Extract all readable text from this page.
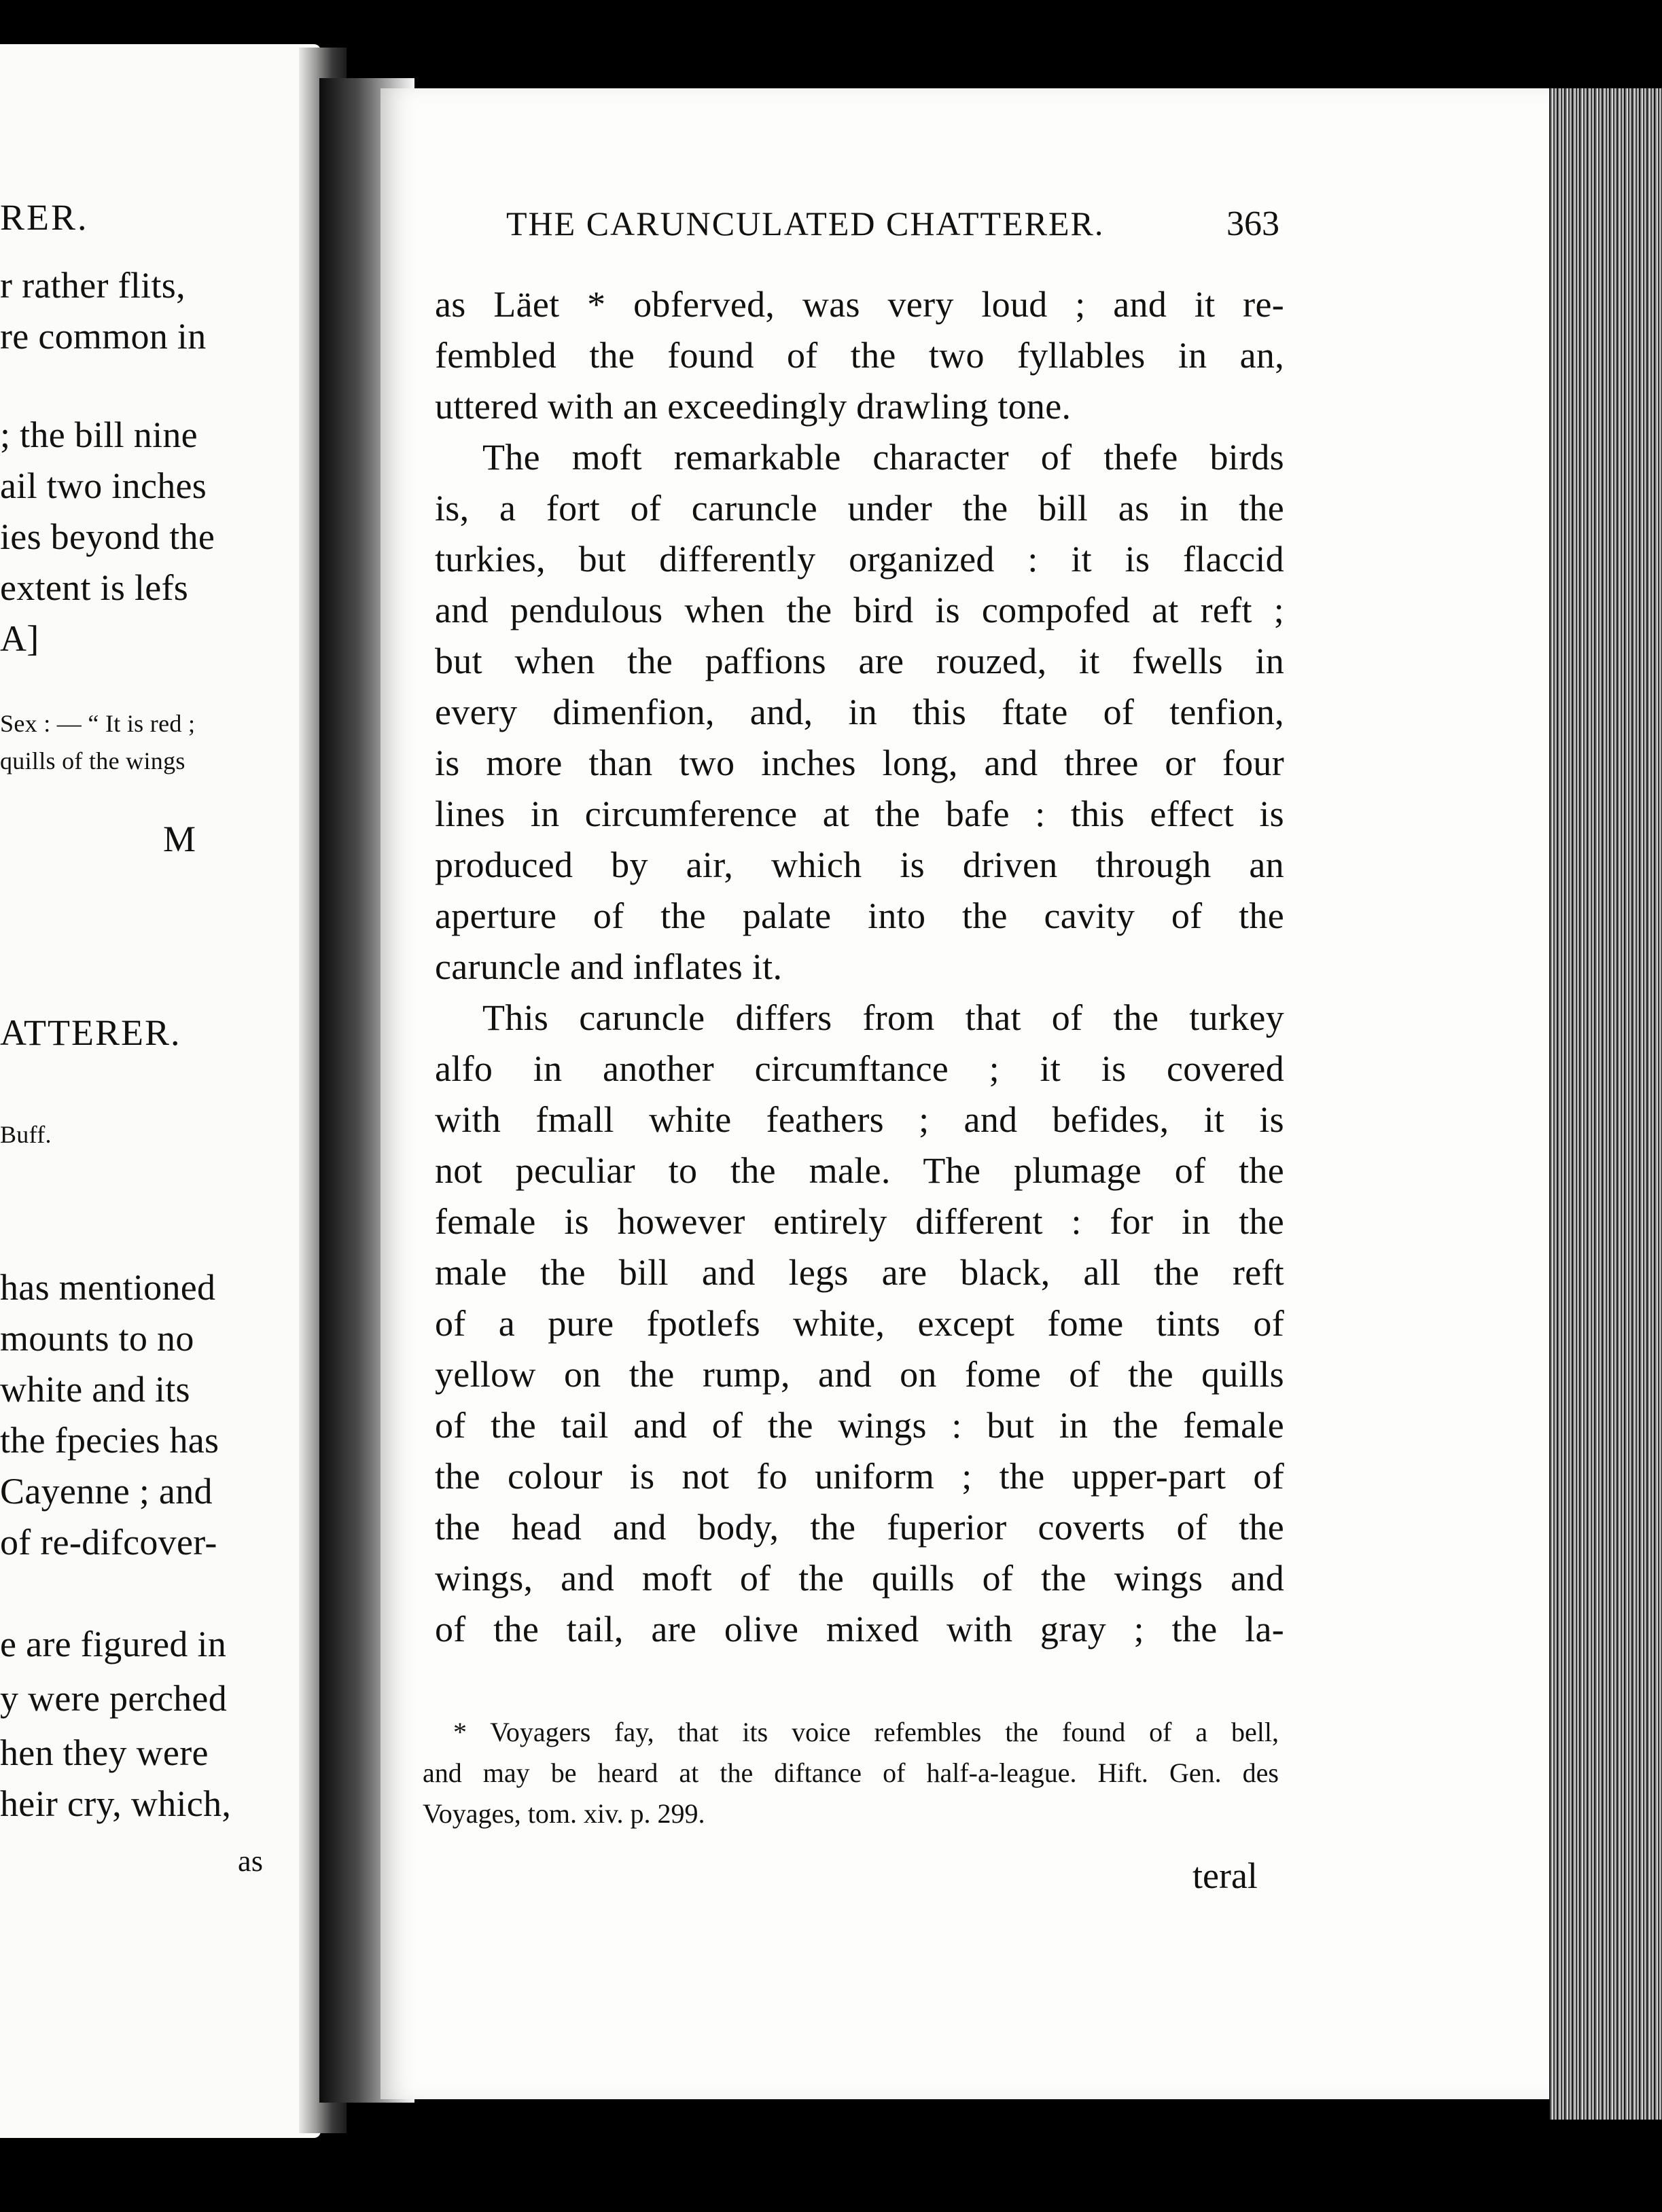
RER.
r rather flits,
re common in
; the bill nine
ail two inches
ies beyond the
extent is lefs
A]
Sex : — “ It is red ;
quills of the wings
M
ATTERER.
Buff.
has mentioned
mounts to no
white and its
the fpecies has
Cayenne ; and
of re-difcover-
e are figured in
y were perched
hen they were
heir cry, which,
as
THE CARUNCULATED CHATTERER.	363
as Läet * obferved, was very loud ; and it re-
fembled the found of the two fyllables in an,
uttered with an exceedingly drawling tone.
The moft remarkable character of thefe birds
is, a fort of caruncle under the bill as in the
turkies, but differently organized : it is flaccid
and pendulous when the bird is compofed at reft ;
but when the paffions are rouzed, it fwells in
every dimenfion, and, in this ftate of tenfion,
is more than two inches long, and three or four
lines in circumference at the bafe : this effect is
produced by air, which is driven through an
aperture of the palate into the cavity of the
caruncle and inflates it.
This caruncle differs from that of the turkey
alfo in another circumftance ; it is covered
with fmall white feathers ; and befides, it is
not peculiar to the male. The plumage of the
female is however entirely different : for in the
male the bill and legs are black, all the reft
of a pure fpotlefs white, except fome tints of
yellow on the rump, and on fome of the quills
of the tail and of the wings : but in the female
the colour is not fo uniform ; the upper-part of
the head and body, the fuperior coverts of the
wings, and moft of the quills of the wings and
of the tail, are olive mixed with gray ; the la-
* Voyagers fay, that its voice refembles the found of a bell,
and may be heard at the diftance of half-a-league. Hift. Gen. des
Voyages, tom. xiv. p. 299.
teral
